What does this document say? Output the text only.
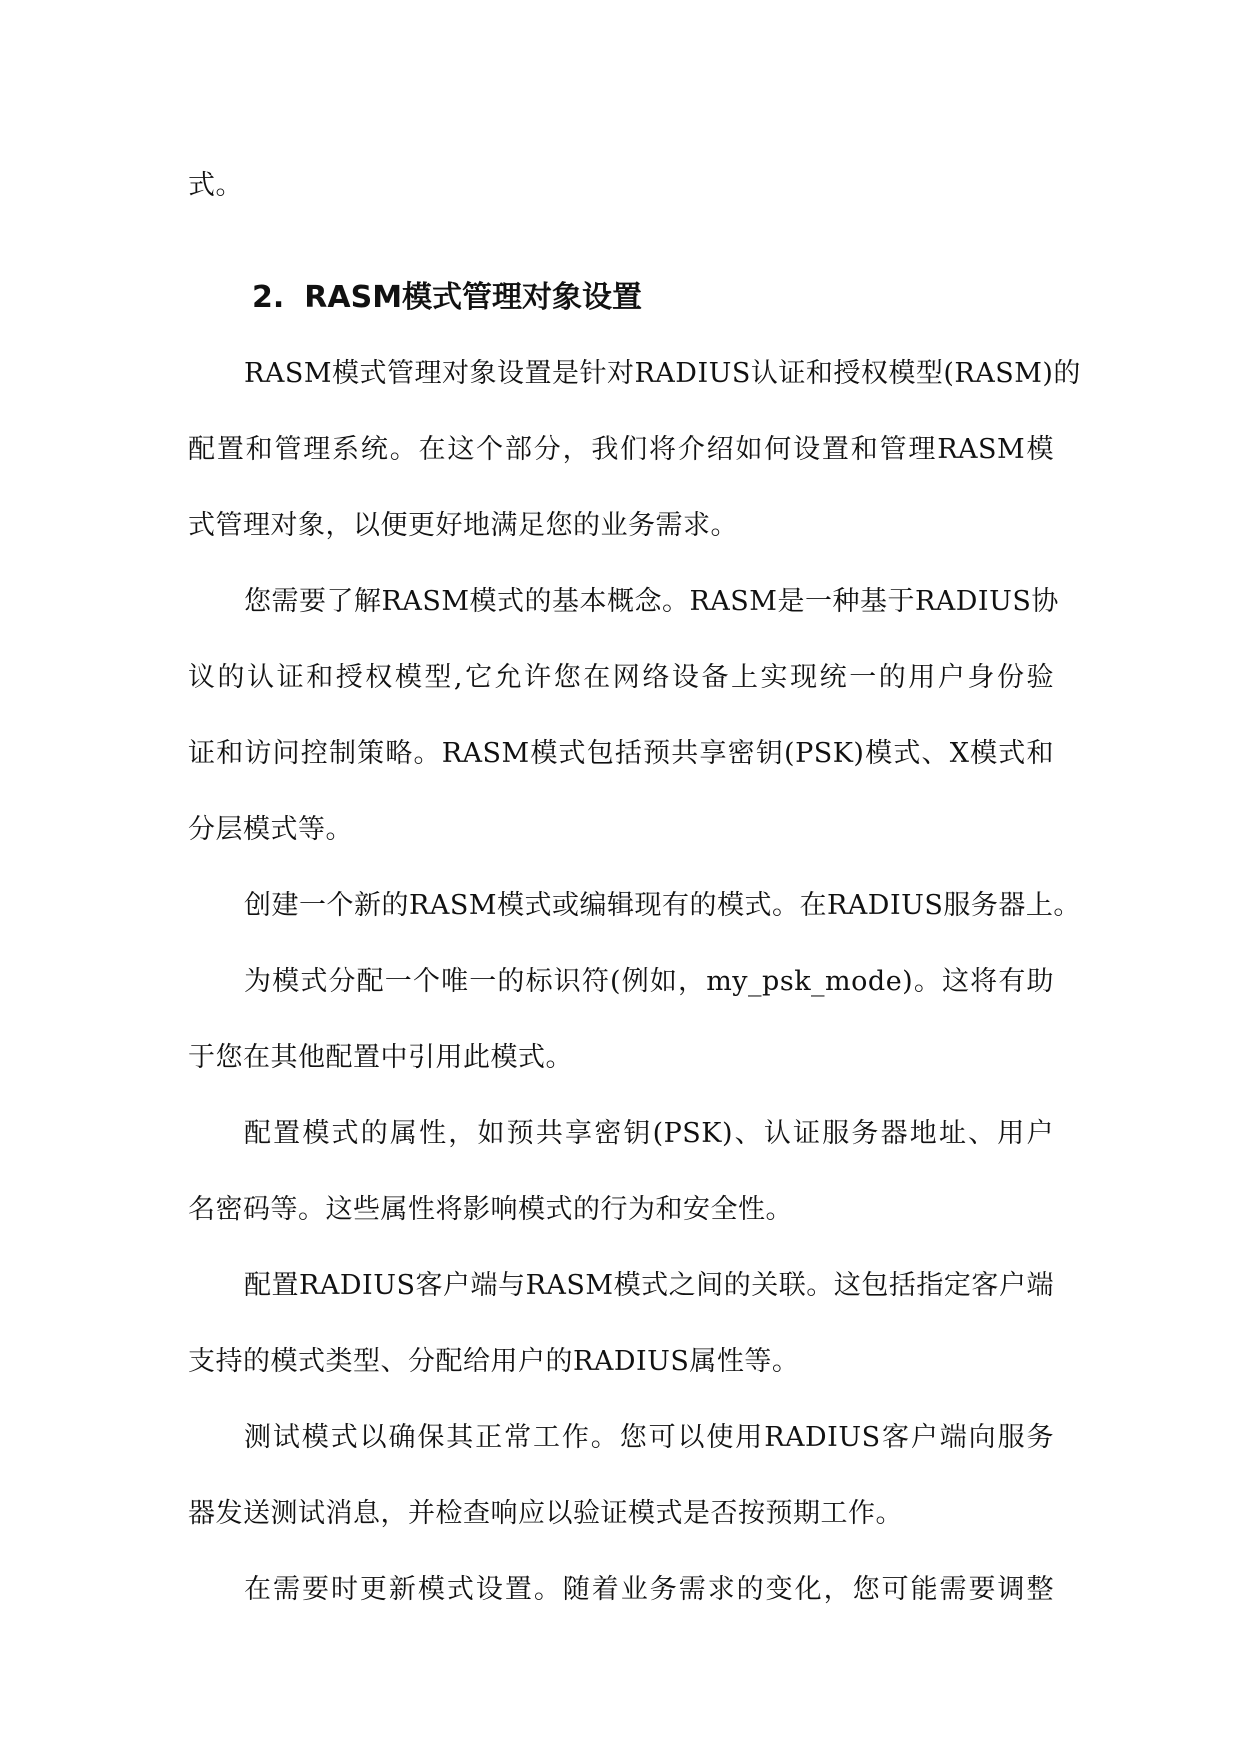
式。
2. RASM模式管理对象设置
RASM模式管理对象设置是针对RADIUS认证和授权模型(RASM)的
配置和管理系统。在这个部分，我们将介绍如何设置和管理RASM模
式管理对象，以便更好地满足您的业务需求。
您需要了解RASM模式的基本概念。RASM是一种基于RADIUS协
议的认证和授权模型,它允许您在网络设备上实现统一的用户身份验
证和访问控制策略。RASM模式包括预共享密钥(PSK)模式、X模式和
分层模式等。
创建一个新的RASM模式或编辑现有的模式。在RADIUS服务器上。
为模式分配一个唯一的标识符(例如，my_psk_mode)。这将有助
于您在其他配置中引用此模式。
配置模式的属性，如预共享密钥(PSK)、认证服务器地址、用户
名密码等。这些属性将影响模式的行为和安全性。
配置RADIUS客户端与RASM模式之间的关联。这包括指定客户端
支持的模式类型、分配给用户的RADIUS属性等。
测试模式以确保其正常工作。您可以使用RADIUS客户端向服务
器发送测试消息，并检查响应以验证模式是否按预期工作。
在需要时更新模式设置。随着业务需求的变化，您可能需要调整
